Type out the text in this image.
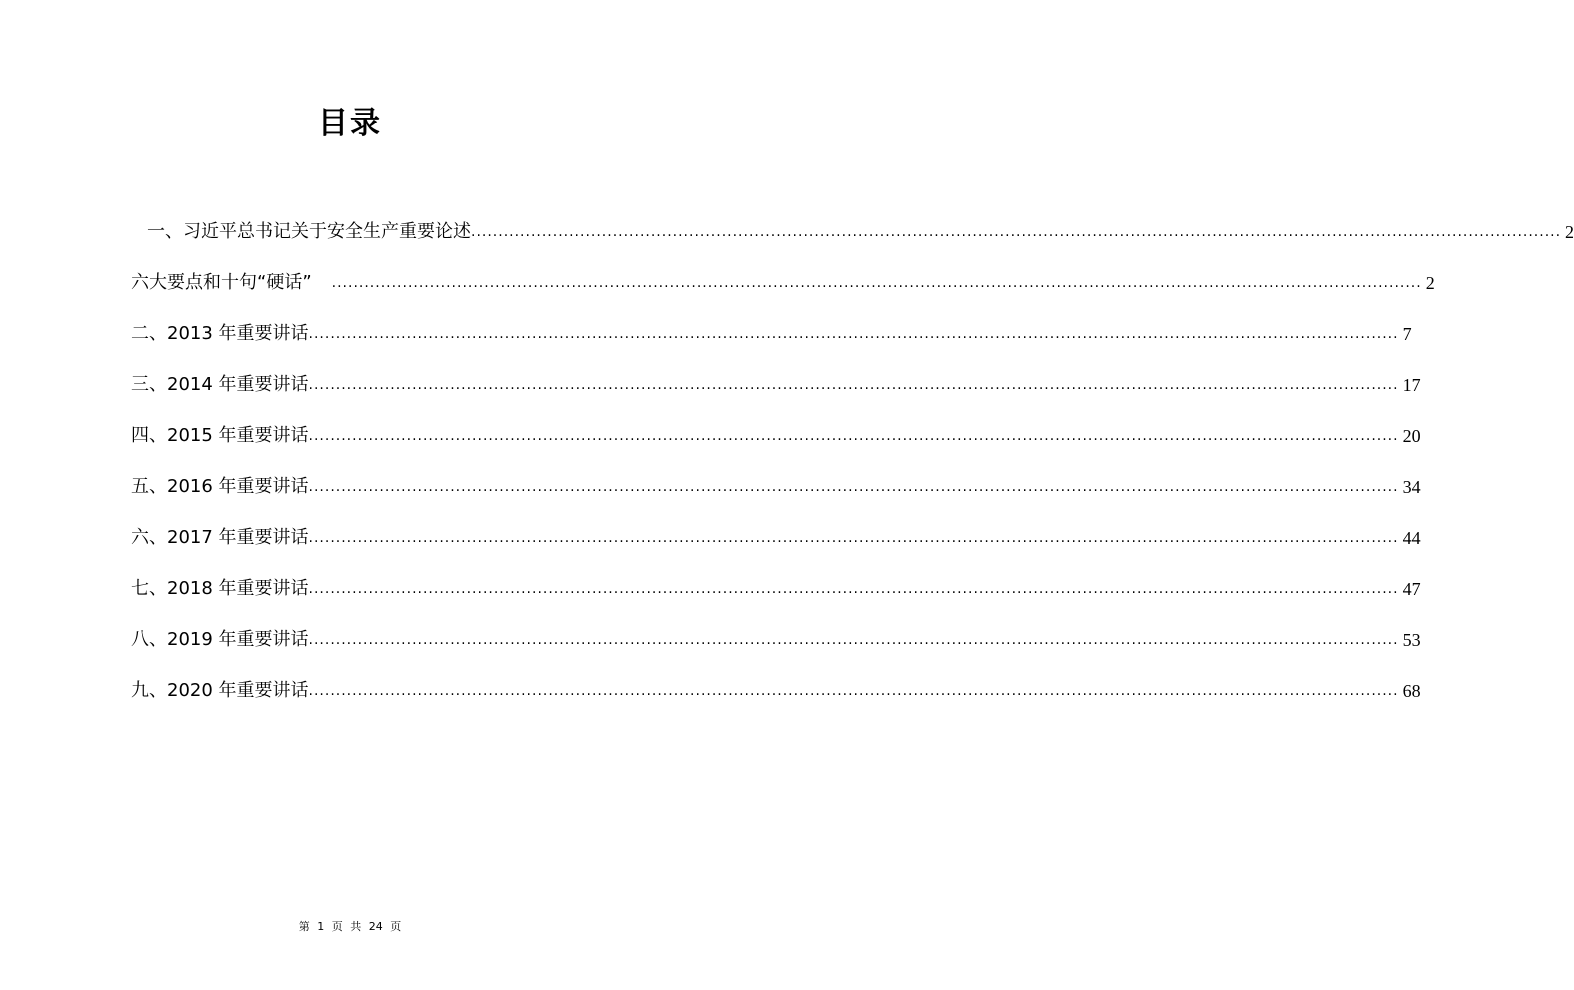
目录
一、习近平总书记关于安全生产重要论述 ........................................................................................................................................................................................................ 2
六大要点和十句“硬话” ........................................................................................................................................................................................................ 2
二、2013 年重要讲话 ........................................................................................................................................................................................................ 7
三、2014 年重要讲话 ........................................................................................................................................................................................................ 17
四、2015 年重要讲话 ........................................................................................................................................................................................................ 20
五、2016 年重要讲话 ........................................................................................................................................................................................................ 34
六、2017 年重要讲话 ........................................................................................................................................................................................................ 44
七、2018 年重要讲话 ........................................................................................................................................................................................................ 47
八、2019 年重要讲话 ........................................................................................................................................................................................................ 53
九、2020 年重要讲话 ........................................................................................................................................................................................................ 68
第 1 页 共 24 页
